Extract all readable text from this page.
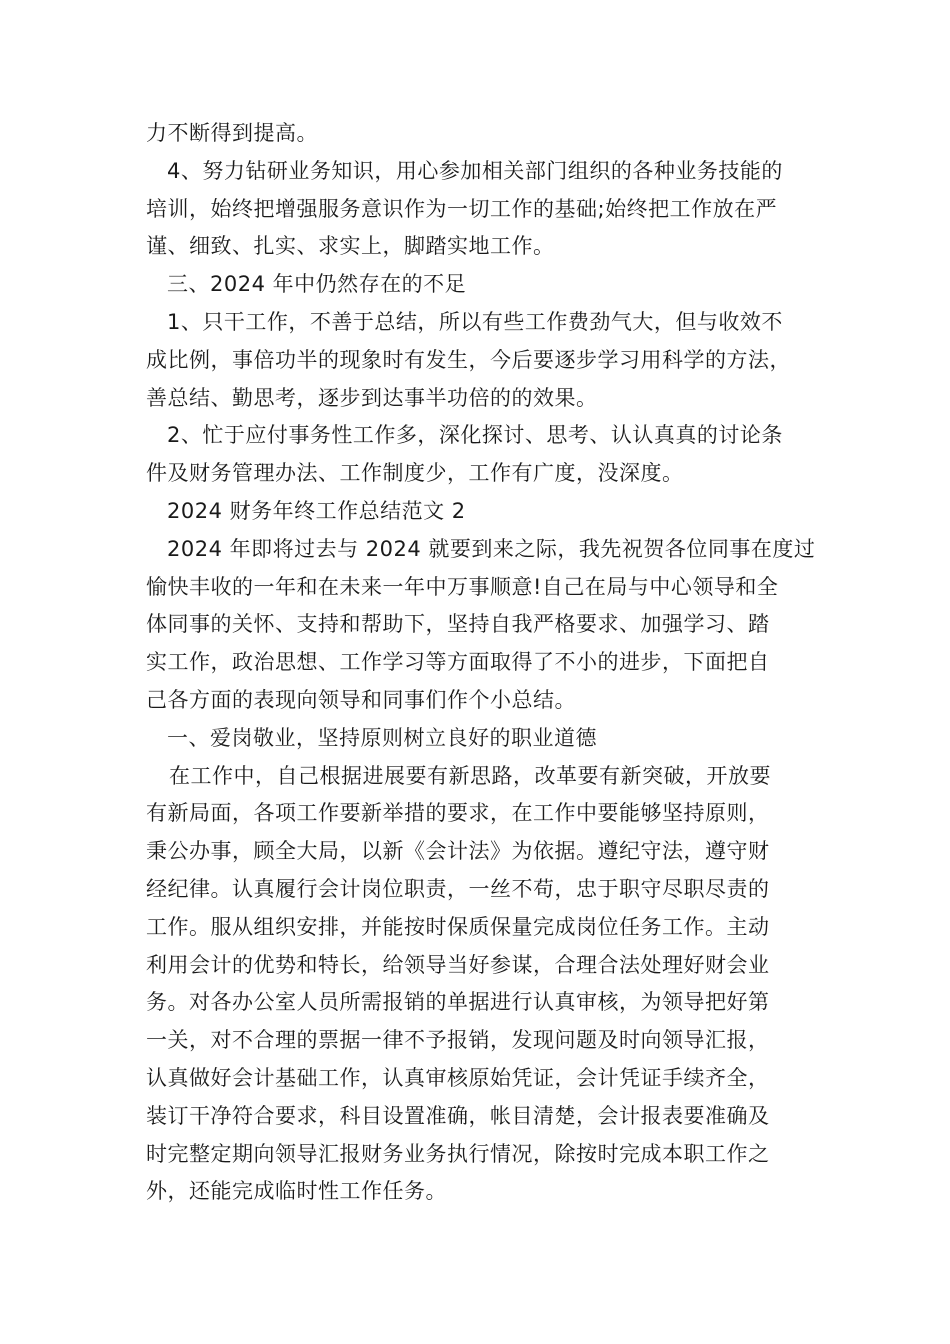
力不断得到提高。
4、努力钻研业务知识，用心参加相关部门组织的各种业务技能的
培训，始终把增强服务意识作为一切工作的基础;始终把工作放在严
谨、细致、扎实、求实上，脚踏实地工作。
三、2024 年中仍然存在的不足
1、只干工作，不善于总结，所以有些工作费劲气大，但与收效不
成比例，事倍功半的现象时有发生，今后要逐步学习用科学的方法，
善总结、勤思考，逐步到达事半功倍的的效果。
2、忙于应付事务性工作多，深化探讨、思考、认认真真的讨论条
件及财务管理办法、工作制度少，工作有广度，没深度。
2024 财务年终工作总结范文 2
2024 年即将过去与 2024 就要到来之际，我先祝贺各位同事在度过
愉快丰收的一年和在未来一年中万事顺意!自己在局与中心领导和全
体同事的关怀、支持和帮助下，坚持自我严格要求、加强学习、踏
实工作，政治思想、工作学习等方面取得了不小的进步，下面把自
己各方面的表现向领导和同事们作个小总结。
一、爱岗敬业，坚持原则树立良好的职业道德
在工作中，自己根据进展要有新思路，改革要有新突破，开放要
有新局面，各项工作要新举措的要求，在工作中要能够坚持原则，
秉公办事，顾全大局，以新《会计法》为依据。遵纪守法，遵守财
经纪律。认真履行会计岗位职责，一丝不苟，忠于职守尽职尽责的
工作。服从组织安排，并能按时保质保量完成岗位任务工作。主动
利用会计的优势和特长，给领导当好参谋，合理合法处理好财会业
务。对各办公室人员所需报销的单据进行认真审核，为领导把好第
一关，对不合理的票据一律不予报销，发现问题及时向领导汇报，
认真做好会计基础工作，认真审核原始凭证，会计凭证手续齐全，
装订干净符合要求，科目设置准确，帐目清楚，会计报表要准确及
时完整定期向领导汇报财务业务执行情况，除按时完成本职工作之
外，还能完成临时性工作任务。
